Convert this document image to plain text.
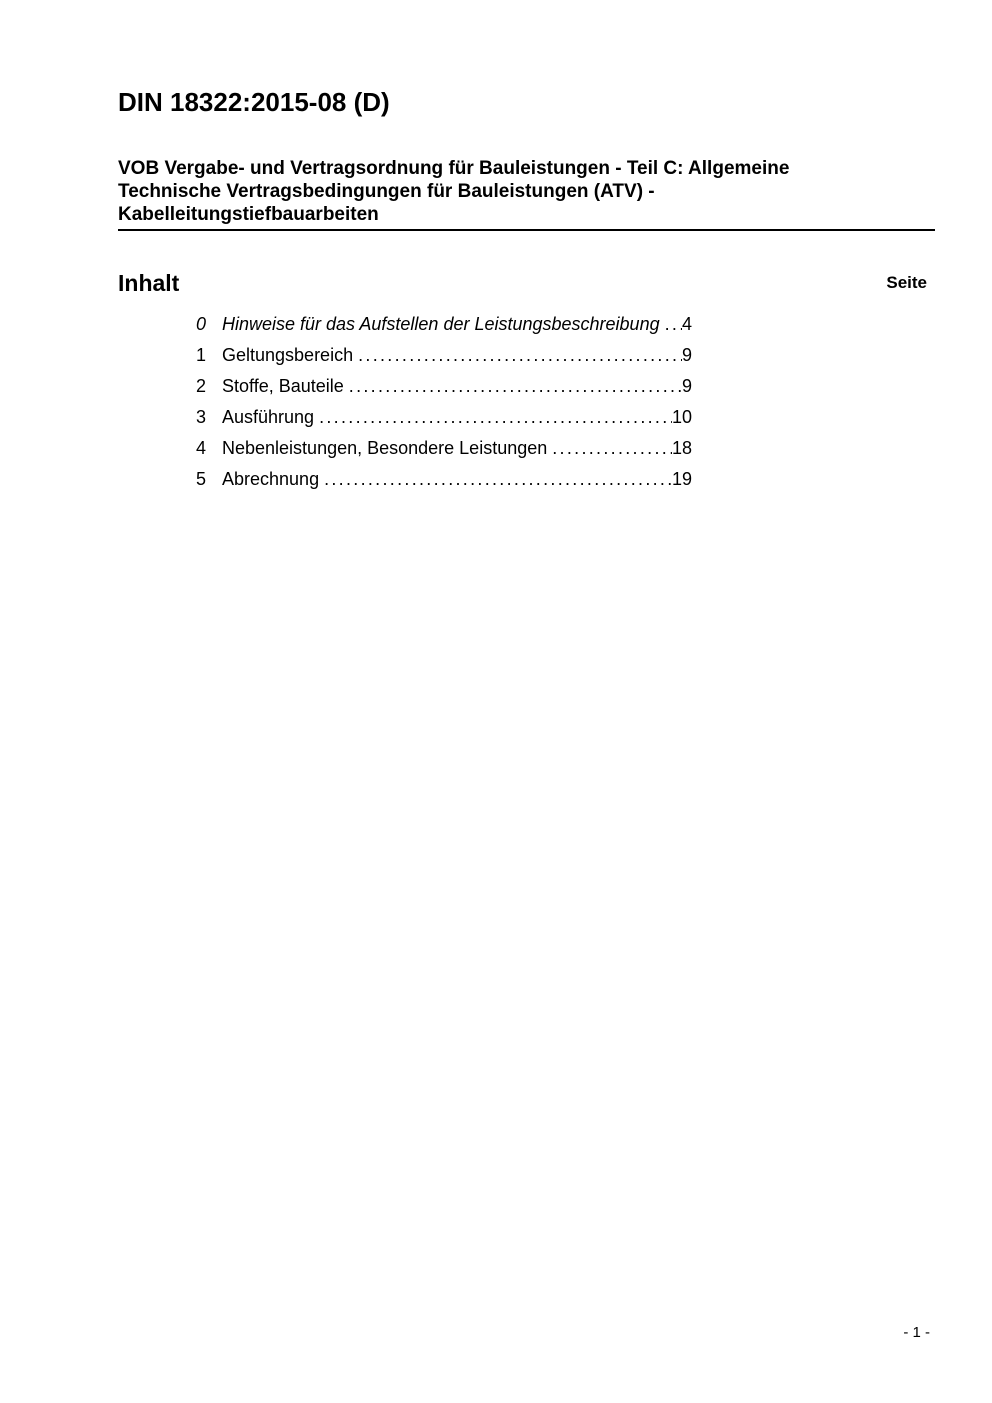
DIN 18322:2015-08 (D)
VOB Vergabe- und Vertragsordnung für Bauleistungen - Teil C: Allgemeine
Technische Vertragsbedingungen für Bauleistungen (ATV) -
Kabelleitungstiefbauarbeiten
Inhalt	Seite
0 Hinweise für das Aufstellen der Leistungsbeschreibung ..... 4
1 Geltungsbereich .....	9
2 Stoffe, Bauteile .....	9
3 Ausführung .....	10
4 Nebenleistungen, Besondere Leistungen .....	18
5 Abrechnung .....	19
- 1 -
